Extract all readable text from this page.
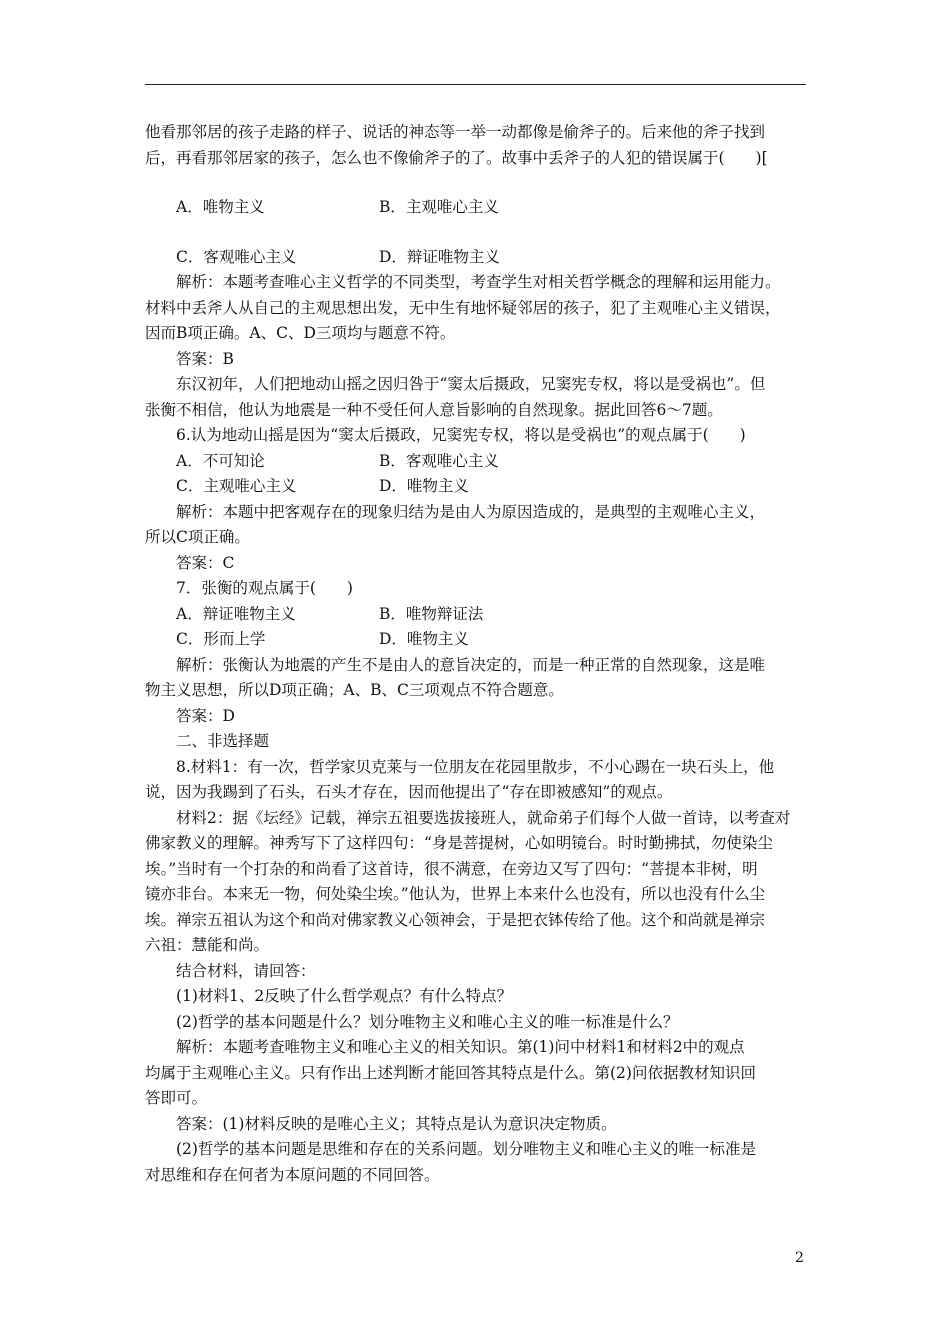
他看那邻居的孩子走路的样子、说话的神态等一举一动都像是偷斧子的。后来他的斧子找到
后，再看那邻居家的孩子，怎么也不像偷斧子的了。故事中丢斧子的人犯的错误属于(　　)[
A．唯物主义	B．主观唯心主义
C．客观唯心主义	D．辩证唯物主义
解析：本题考查唯心主义哲学的不同类型，考查学生对相关哲学概念的理解和运用能力。
材料中丢斧人从自己的主观思想出发，无中生有地怀疑邻居的孩子，犯了主观唯心主义错误，
因而B项正确。A、C、D三项均与题意不符。
答案：B
东汉初年，人们把地动山摇之因归咎于“窦太后摄政，兄窦宪专权，将以是受祸也”。但
张衡不相信，他认为地震是一种不受任何人意旨影响的自然现象。据此回答6～7题。
6.认为地动山摇是因为“窦太后摄政，兄窦宪专权，将以是受祸也”的观点属于(　　)
A．不可知论	B．客观唯心主义
C．主观唯心主义	D．唯物主义
解析：本题中把客观存在的现象归结为是由人为原因造成的，是典型的主观唯心主义，
所以C项正确。
答案：C
7．张衡的观点属于(　　)
A．辩证唯物主义	B．唯物辩证法
C．形而上学	D．唯物主义
解析：张衡认为地震的产生不是由人的意旨决定的，而是一种正常的自然现象，这是唯
物主义思想，所以D项正确；A、B、C三项观点不符合题意。
答案：D
二、非选择题
8.材料1：有一次，哲学家贝克莱与一位朋友在花园里散步，不小心踢在一块石头上，他
说，因为我踢到了石头，石头才存在，因而他提出了“存在即被感知”的观点。
材料2：据《坛经》记载，禅宗五祖要选拔接班人，就命弟子们每个人做一首诗，以考查对
佛家教义的理解。神秀写下了这样四句：“身是菩提树，心如明镜台。时时勤拂拭，勿使染尘
埃。”当时有一个打杂的和尚看了这首诗，很不满意，在旁边又写了四句：“菩提本非树，明
镜亦非台。本来无一物，何处染尘埃。”他认为，世界上本来什么也没有，所以也没有什么尘
埃。禅宗五祖认为这个和尚对佛家教义心领神会，于是把衣钵传给了他。这个和尚就是禅宗
六祖：慧能和尚。
结合材料，请回答：
(1)材料1、2反映了什么哲学观点？有什么特点？
(2)哲学的基本问题是什么？划分唯物主义和唯心主义的唯一标准是什么？
解析：本题考查唯物主义和唯心主义的相关知识。第(1)问中材料1和材料2中的观点
均属于主观唯心主义。只有作出上述判断才能回答其特点是什么。第(2)问依据教材知识回
答即可。
答案：(1)材料反映的是唯心主义；其特点是认为意识决定物质。
(2)哲学的基本问题是思维和存在的关系问题。划分唯物主义和唯心主义的唯一标准是
对思维和存在何者为本原问题的不同回答。
2
